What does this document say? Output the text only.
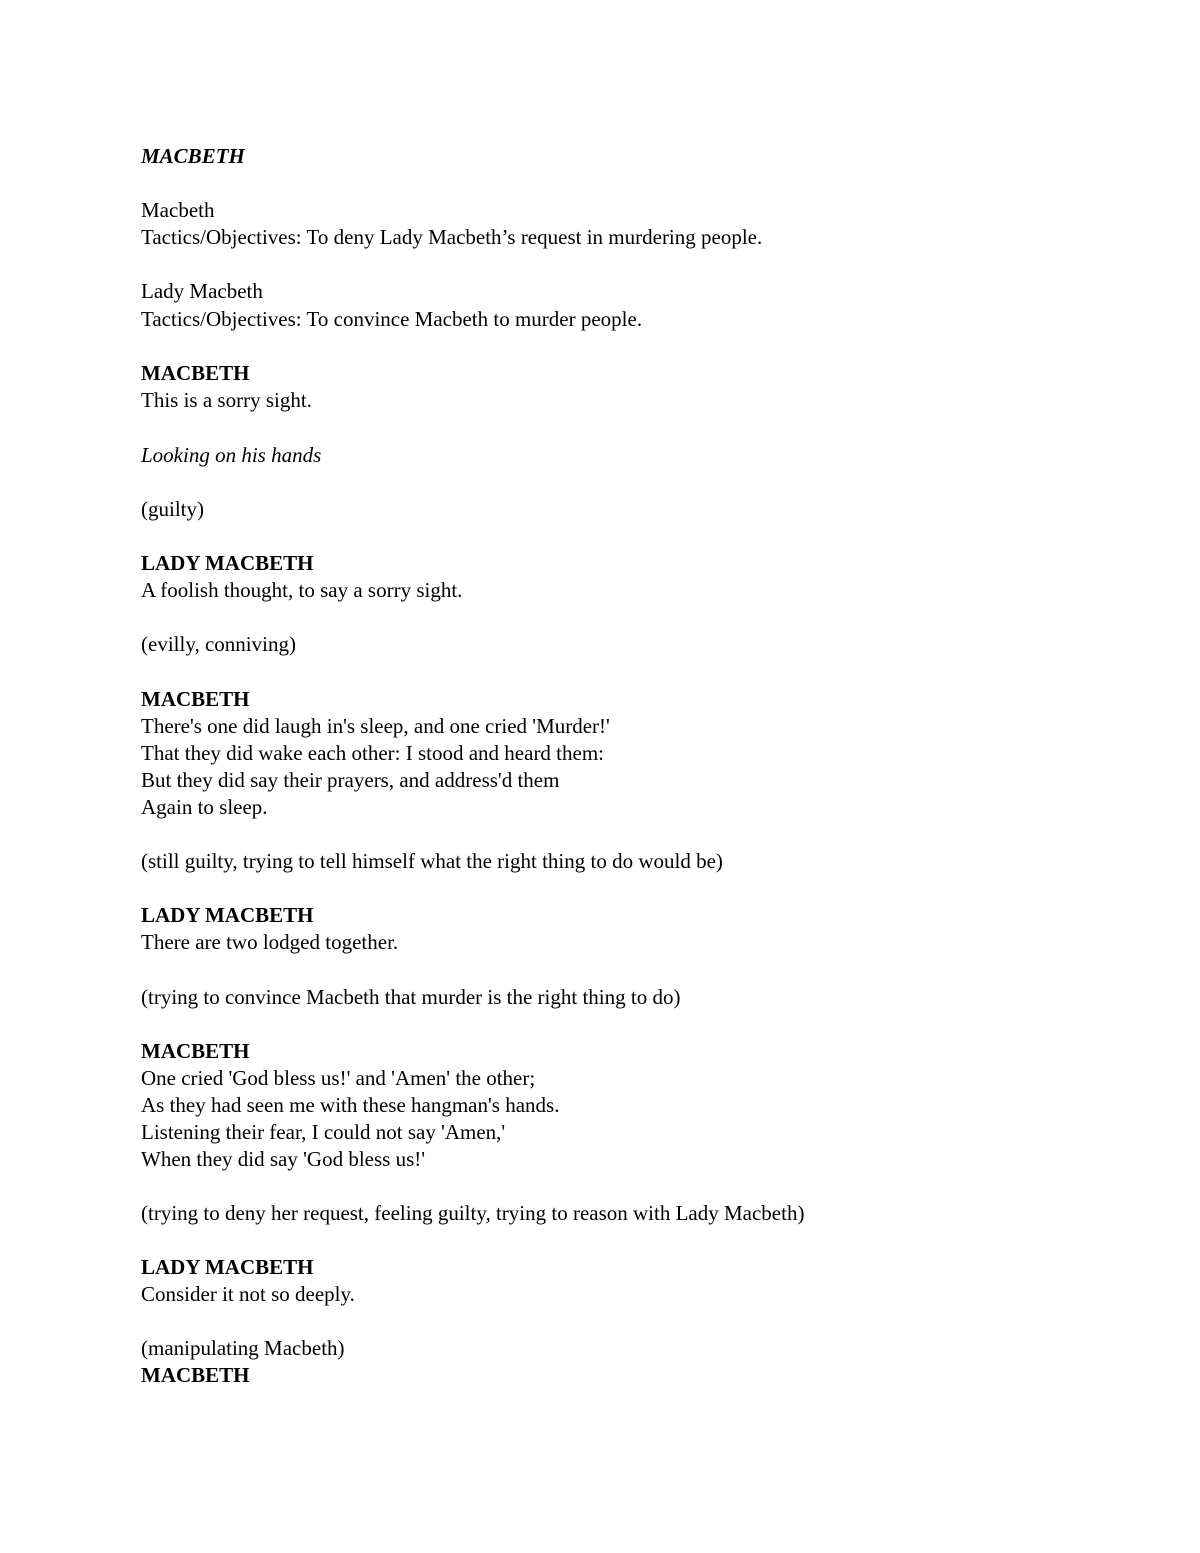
MACBETH

Macbeth

Tactics/Objectives: To deny Lady Macbeth’s request in murdering people.

Lady Macbeth

Tactics/Objectives: To convince Macbeth to murder people.

MACBETH

This is a sorry sight.

Looking on his hands

(guilty)

LADY MACBETH

A foolish thought, to say a sorry sight.

(evilly, conniving)

MACBETH

There's one did laugh in's sleep, and one cried 'Murder!'

That they did wake each other: I stood and heard them:

But they did say their prayers, and address'd them

Again to sleep.

(still guilty, trying to tell himself what the right thing to do would be)

LADY MACBETH

There are two lodged together.

(trying to convince Macbeth that murder is the right thing to do)

MACBETH

One cried 'God bless us!' and 'Amen' the other;

As they had seen me with these hangman's hands.

Listening their fear, I could not say 'Amen,'

When they did say 'God bless us!'

(trying to deny her request, feeling guilty, trying to reason with Lady Macbeth)

LADY MACBETH

Consider it not so deeply.

(manipulating Macbeth)

MACBETH
